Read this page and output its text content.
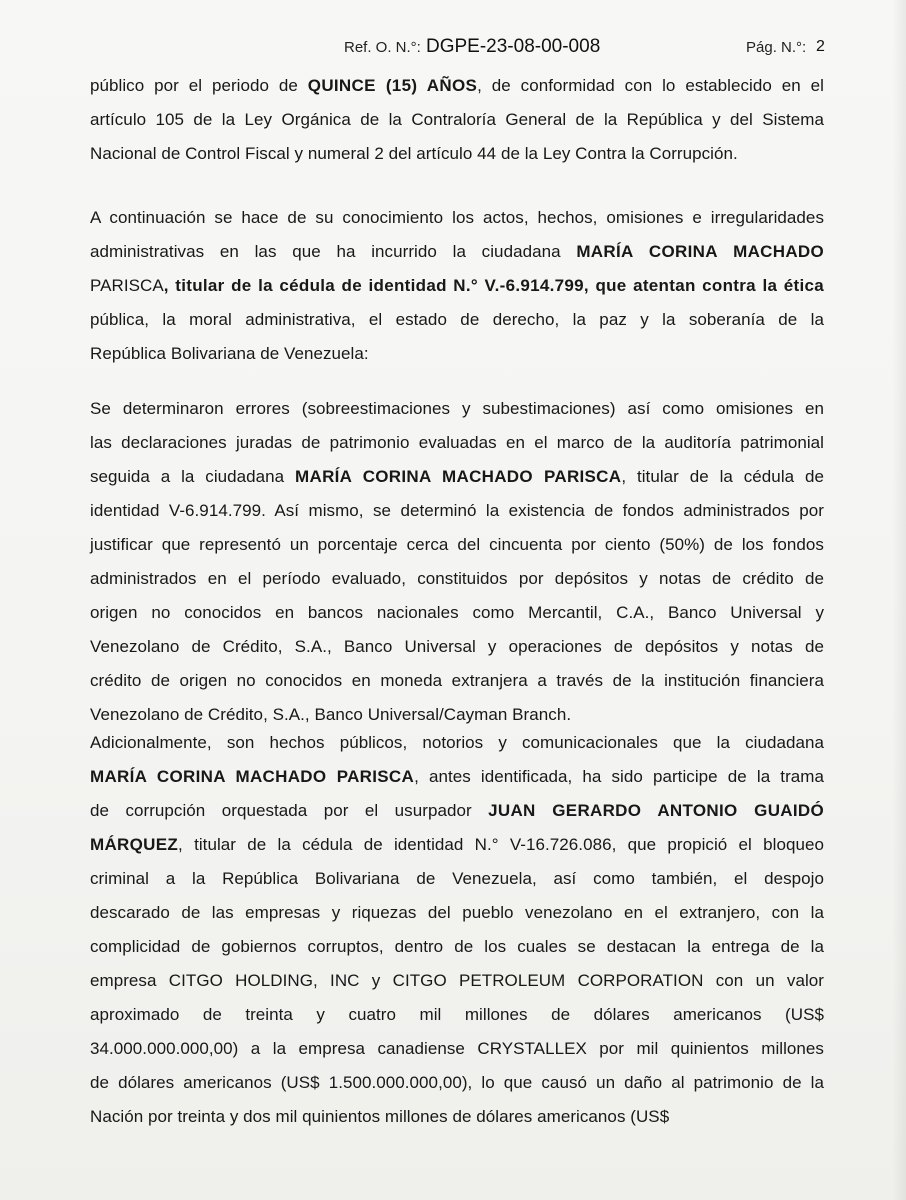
Ref. O. N.°: DGPE-23-08-00-008	Pág. N.°: 2
público por el periodo de QUINCE (15) AÑOS, de conformidad con lo establecido en el
artículo 105 de la Ley Orgánica de la Contraloría General de la República y del Sistema
Nacional de Control Fiscal y numeral 2 del artículo 44 de la Ley Contra la Corrupción.
A continuación se hace de su conocimiento los actos, hechos, omisiones e irregularidades
administrativas en las que ha incurrido la ciudadana MARÍA CORINA MACHADO
PARISCA, titular de la cédula de identidad N.° V.-6.914.799, que atentan contra la ética
pública, la moral administrativa, el estado de derecho, la paz y la soberanía de la
República Bolivariana de Venezuela:
Se determinaron errores (sobreestimaciones y subestimaciones) así como omisiones en
las declaraciones juradas de patrimonio evaluadas en el marco de la auditoría patrimonial
seguida a la ciudadana MARÍA CORINA MACHADO PARISCA, titular de la cédula de
identidad V-6.914.799. Así mismo, se determinó la existencia de fondos administrados por
justificar que representó un porcentaje cerca del cincuenta por ciento (50%) de los fondos
administrados en el período evaluado, constituidos por depósitos y notas de crédito de
origen no conocidos en bancos nacionales como Mercantil, C.A., Banco Universal y
Venezolano de Crédito, S.A., Banco Universal y operaciones de depósitos y notas de
crédito de origen no conocidos en moneda extranjera a través de la institución financiera
Venezolano de Crédito, S.A., Banco Universal/Cayman Branch.
Adicionalmente, son hechos públicos, notorios y comunicacionales que la ciudadana
MARÍA CORINA MACHADO PARISCA, antes identificada, ha sido participe de la trama
de corrupción orquestada por el usurpador JUAN GERARDO ANTONIO GUAIDÓ
MÁRQUEZ, titular de la cédula de identidad N.° V-16.726.086, que propició el bloqueo
criminal a la República Bolivariana de Venezuela, así como también, el despojo
descarado de las empresas y riquezas del pueblo venezolano en el extranjero, con la
complicidad de gobiernos corruptos, dentro de los cuales se destacan la entrega de la
empresa CITGO HOLDING, INC y CITGO PETROLEUM CORPORATION con un valor
aproximado de treinta y cuatro mil millones de dólares americanos (US$
34.000.000.000,00) a la empresa canadiense CRYSTALLEX por mil quinientos millones
de dólares americanos (US$ 1.500.000.000,00), lo que causó un daño al patrimonio de la
Nación por treinta y dos mil quinientos millones de dólares americanos (US$
